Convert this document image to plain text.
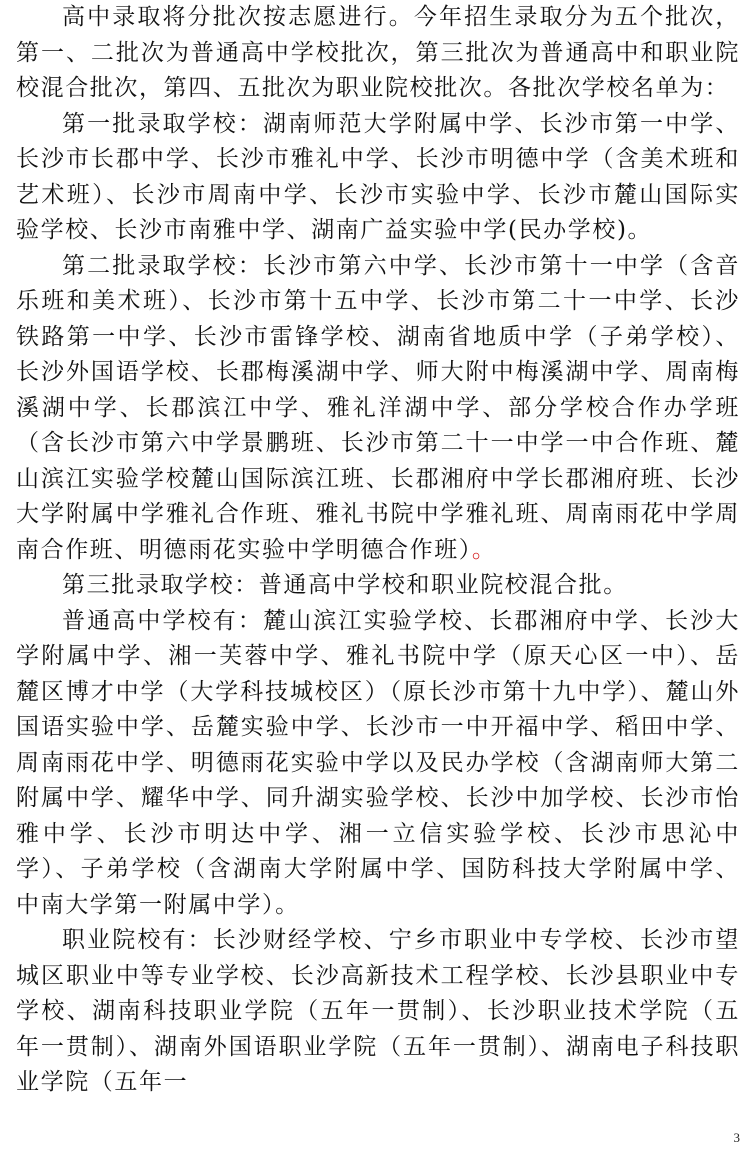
高中录取将分批次按志愿进行。今年招生录取分为五个批次，第一、二批次为普通高中学校批次，第三批次为普通高中和职业院校混合批次，第四、五批次为职业院校批次。各批次学校名单为：

第一批录取学校：湖南师范大学附属中学、长沙市第一中学、长沙市长郡中学、长沙市雅礼中学、长沙市明德中学（含美术班和艺术班）、长沙市周南中学、长沙市实验中学、长沙市麓山国际实验学校、长沙市南雅中学、湖南广益实验中学(民办学校)。

第二批录取学校：长沙市第六中学、长沙市第十一中学（含音乐班和美术班）、长沙市第十五中学、长沙市第二十一中学、长沙铁路第一中学、长沙市雷锋学校、湖南省地质中学（子弟学校）、长沙外国语学校、长郡梅溪湖中学、师大附中梅溪湖中学、周南梅溪湖中学、长郡滨江中学、雅礼洋湖中学、部分学校合作办学班（含长沙市第六中学景鹏班、长沙市第二十一中学一中合作班、麓山滨江实验学校麓山国际滨江班、长郡湘府中学长郡湘府班、长沙大学附属中学雅礼合作班、雅礼书院中学雅礼班、周南雨花中学周南合作班、明德雨花实验中学明德合作班）。

第三批录取学校：普通高中学校和职业院校混合批。

普通高中学校有：麓山滨江实验学校、长郡湘府中学、长沙大学附属中学、湘一芙蓉中学、雅礼书院中学（原天心区一中）、岳麓区博才中学（大学科技城校区）（原长沙市第十九中学）、麓山外国语实验中学、岳麓实验中学、长沙市一中开福中学、稻田中学、周南雨花中学、明德雨花实验中学以及民办学校（含湖南师大第二附属中学、耀华中学、同升湖实验学校、长沙中加学校、长沙市怡雅中学、长沙市明达中学、湘一立信实验学校、长沙市思沁中学）、子弟学校（含湖南大学附属中学、国防科技大学附属中学、中南大学第一附属中学）。

职业院校有：长沙财经学校、宁乡市职业中专学校、长沙市望城区职业中等专业学校、长沙高新技术工程学校、长沙县职业中专学校、湖南科技职业学院（五年一贯制）、长沙职业技术学院（五年一贯制）、湖南外国语职业学院（五年一贯制）、湖南电子科技职业学院（五年一

3
